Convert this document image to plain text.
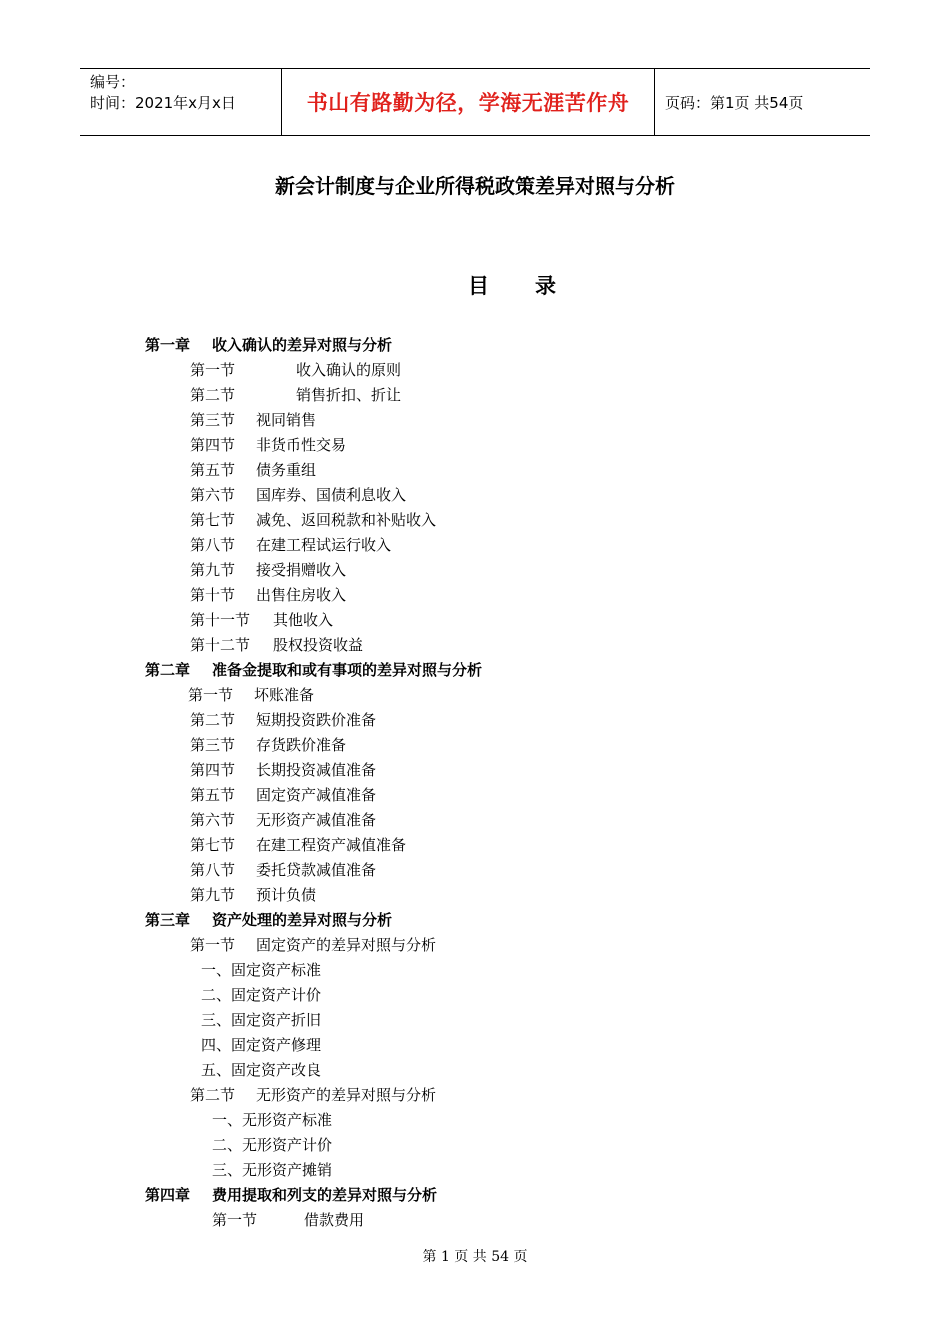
编号：
时间：2021年x月x日	书山有路勤为径，学海无涯苦作舟	页码：第1页 共54页
新会计制度与企业所得税政策差异对照与分析
目 录
第一章 收入确认的差异对照与分析
第一节	收入确认的原则
第二节	销售折扣、折让
第三节 视同销售
第四节 非货币性交易
第五节 债务重组
第六节 国库券、国债利息收入
第七节 减免、返回税款和补贴收入
第八节 在建工程试运行收入
第九节 接受捐赠收入
第十节 出售住房收入
第十一节 其他收入
第十二节 股权投资收益
第二章 准备金提取和或有事项的差异对照与分析
第一节 坏账准备
第二节 短期投资跌价准备
第三节 存货跌价准备
第四节 长期投资减值准备
第五节 固定资产减值准备
第六节 无形资产减值准备
第七节 在建工程资产减值准备
第八节 委托贷款减值准备
第九节 预计负债
第三章 资产处理的差异对照与分析
第一节 固定资产的差异对照与分析
一、固定资产标准
二、固定资产计价
三、固定资产折旧
四、固定资产修理
五、固定资产改良
第二节 无形资产的差异对照与分析
一、无形资产标准
二、无形资产计价
三、无形资产摊销
第四章 费用提取和列支的差异对照与分析
第一节	借款费用
第 1 页 共 54 页
